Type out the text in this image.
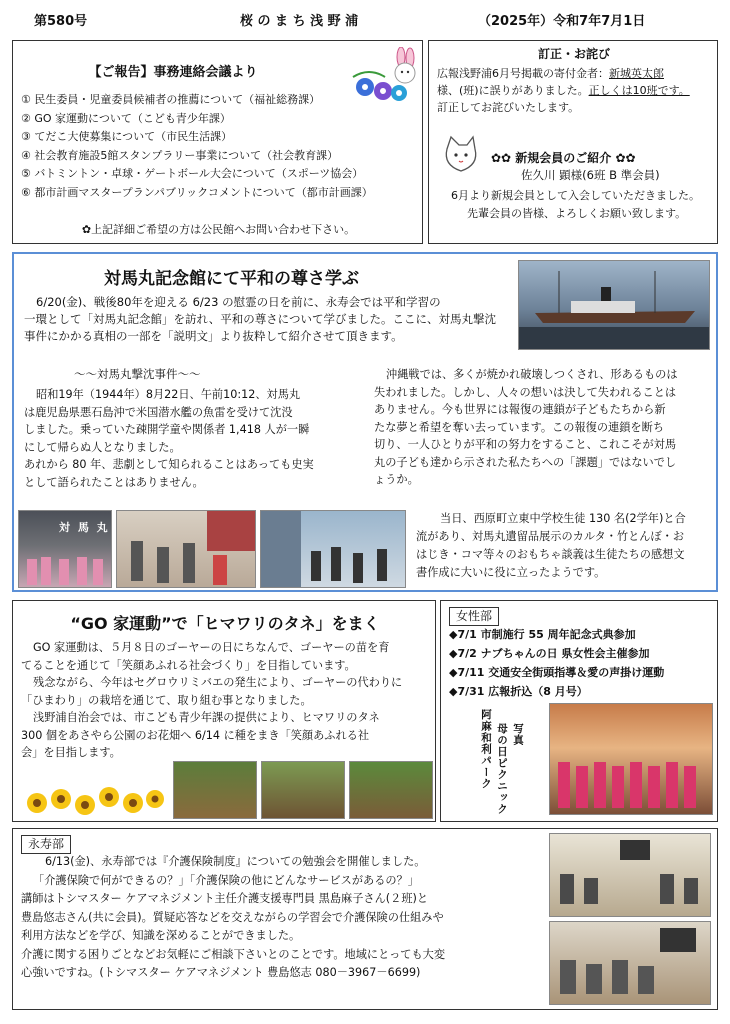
第580号	桜 の ま ち 浅 野 浦	（2025年）令和7年7月1日
【ご報告】事務連絡会議より
① 民生委員・児童委員候補者の推薦について（福祉総務課）
② GO 家運動について（こども青少年課）
③ てだこ大使募集について（市民生活課）
④ 社会教育施設5館スタンプラリー事業について（社会教育課）
⑤ バトミントン・卓球・ゲートボール大会について（スポーツ協会）
⑥ 都市計画マスタープランパブリックコメントについて（都市計画課）
✿上記詳細ご希望の方は公民館へお問い合わせ下さい。
訂正・お詫び
広報浅野浦6月号掲載の寄付金者：新城英太郎
様、(班)に誤りがありました。正しくは10班です。
訂正してお詫びいたします。
✿✿ 新規会員のご紹介 ✿✿
佐久川 顕様(6班 B 準会員)
6月より新規会員として入会していただきました。
先輩会員の皆様、よろしくお願い致します。
対馬丸記念館にて平和の尊さ学ぶ
6/20(金)、戦後80年を迎える 6/23 の慰霊の日を前に、永寿会では平和学習の
一環として「対馬丸記念館」を訪れ、平和の尊さについて学びました。ここに、対馬丸撃沈
事件にかかる真相の一部を「説明文」より抜粋して紹介させて頂きます。
～～対馬丸撃沈事件～～
昭和19年（1944年）8月22日、午前10:12、対馬丸
は鹿児島県悪石島沖で米国潜水艦の魚雷を受けて沈没
しました。乗っていた疎開学童や関係者 1,418 人が一瞬
にして帰らぬ人となりました。
あれから 80 年、悲劇として知られることはあっても史実
として語られたことはありません。
沖縄戦では、多くが焼かれ破壊しつくされ、形あるものは
失われました。しかし、人々の想いは決して失われることは
ありません。今も世界には報復の連鎖が子どもたちから新
たな夢と希望を奪い去っています。この報復の連鎖を断ち
切り、一人ひとりが平和の努力をすること、これこそが対馬
丸の子ども達から示された私たちへの「課題」ではないでし
ょうか。
対 馬 丸
当日、西原町立東中学校生徒 130 名(2学年)と合
流があり、対馬丸遺留品展示のカルタ・竹とんぼ・お
はじき・コマ等々のおもちゃ談義は生徒たちの感想文
書作成に大いに役に立ったようです。
“GO 家運動”で「ヒマワリのタネ」をまく
GO 家運動は、５月８日のゴーヤーの日にちなんで、ゴーヤーの苗を育
てることを通じて「笑顔あふれる社会づくり」を目指しています。
残念ながら、今年はセグロウリミバエの発生により、ゴーヤーの代わりに
「ひまわり」の栽培を通じて、取り組む事となりました。
浅野浦自治会では、市こども青少年課の提供により、ヒマワリのタネ
300 個をあさやら公園のお花畑へ 6/14 に種をまき「笑顔あふれる社
会」を目指します。
女性部
◆7/1 市制施行 55 周年記念式典参加
◆7/2 ナブちゃんの日 県女性会主催参加
◆7/11 交通安全街頭指導＆愛の声掛け運動
◆7/31 広報折込（8 月号）
写真
母の日ピクニック
阿麻和利パーク
永寿部
6/13(金)、永寿部では『介護保険制度』についての勉強会を開催しました。
「介護保険で何ができるの？」「介護保険の他にどんなサービスがあるの？」
講師はトシマスター ケアマネジメント主任介護支援専門員 黒島麻子さん(２班)と
豊島悠志さん(共に会員)。質疑応答などを交えながらの学習会で介護保険の仕組みや
利用方法などを学び、知識を深めることができました。
介護に関する困りごとなどお気軽にご相談下さいとのことです。地域にとっても大変
心強いですね。(トシマスター ケアマネジメント 豊島悠志 080－3967－6699)
